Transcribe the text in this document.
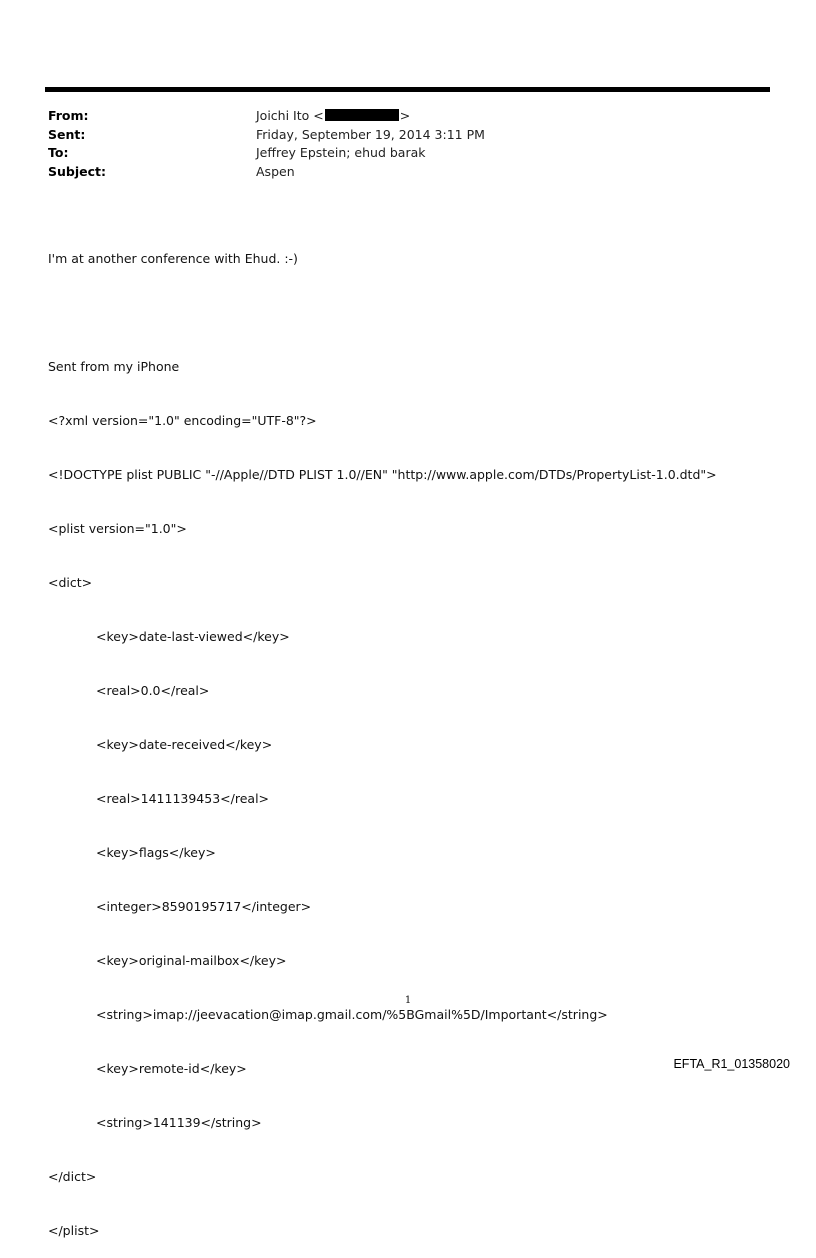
From:	Joichi Ito <	>
Sent:	Friday, September 19, 2014 3:11 PM
To:	Jeffrey Epstein; ehud barak
Subject:	Aspen

I'm at another conference with Ehud. :-)

Sent from my iPhone

<?xml version="1.0" encoding="UTF-8"?>

<!DOCTYPE plist PUBLIC "-//Apple//DTD PLIST 1.0//EN" "http://www.apple.com/DTDs/PropertyList-1.0.dtd">

<plist version="1.0">

<dict>

<key>date-last-viewed</key>

<real>0.0</real>

<key>date-received</key>

<real>1411139453</real>

<key>flags</key>

<integer>8590195717</integer>

<key>original-mailbox</key>

<string>imap://jeevacation@imap.gmail.com/%5BGmail%5D/Important</string>

<key>remote-id</key>

<string>141139</string>

</dict>

</plist>

1
EFTA_R1_01358020
